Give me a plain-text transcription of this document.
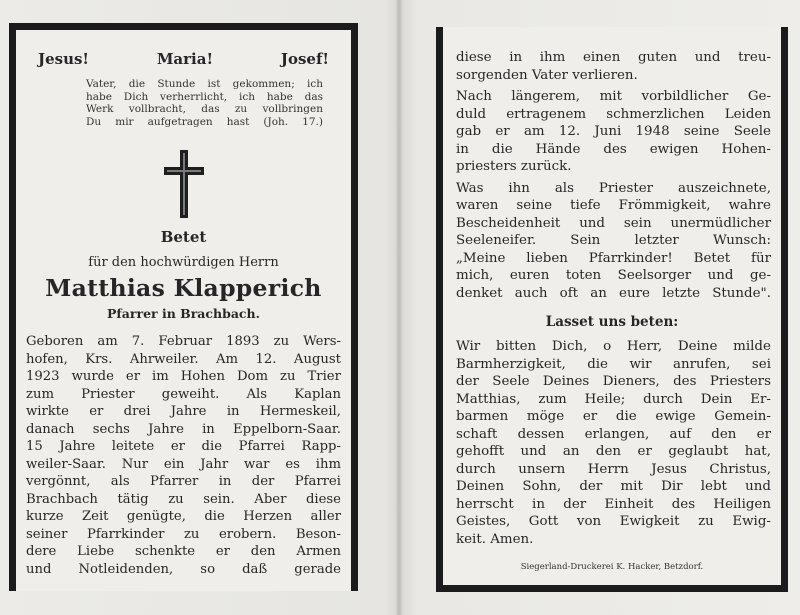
Jesus!	Maria!	Josef!
Vater, die Stunde ist gekommen; ich
habe Dich verherrlicht, ich habe das
Werk vollbracht, das zu vollbringen
Du mir aufgetragen hast (Joh. 17.)
Betet
für den hochwürdigen Herrn
Matthias Klapperich
Pfarrer in Brachbach.
Geboren am 7. Februar 1893 zu Wers-
hofen, Krs. Ahrweiler. Am 12. August
1923 wurde er im Hohen Dom zu Trier
zum Priester geweiht. Als Kaplan
wirkte er drei Jahre in Hermeskeil,
danach sechs Jahre in Eppelborn-Saar.
15 Jahre leitete er die Pfarrei Rapp-
weiler-Saar. Nur ein Jahr war es ihm
vergönnt, als Pfarrer in der Pfarrei
Brachbach tätig zu sein. Aber diese
kurze Zeit genügte, die Herzen aller
seiner Pfarrkinder zu erobern. Beson-
dere Liebe schenkte er den Armen
und Notleidenden, so daß gerade
diese in ihm einen guten und treu-
sorgenden Vater verlieren.
Nach längerem, mit vorbildlicher Ge-
duld ertragenem schmerzlichen Leiden
gab er am 12. Juni 1948 seine Seele
in die Hände des ewigen Hohen-
priesters zurück.
Was ihn als Priester auszeichnete,
waren seine tiefe Frömmigkeit, wahre
Bescheidenheit und sein unermüdlicher
Seeleneifer.	Sein	letzter	Wunsch:
„Meine lieben Pfarrkinder! Betet für
mich, euren toten Seelsorger und ge-
denket auch oft an eure letzte Stunde".
Lasset uns beten:
Wir bitten Dich, o Herr, Deine milde
Barmherzigkeit, die wir anrufen, sei
der Seele Deines Dieners, des Priesters
Matthias, zum Heile; durch Dein Er-
barmen möge er die ewige Gemein-
schaft dessen erlangen, auf den er
gehofft und an den er geglaubt hat,
durch unsern Herrn Jesus Christus,
Deinen Sohn, der mit Dir lebt und
herrscht in der Einheit des Heiligen
Geistes, Gott von Ewigkeit zu Ewig-
keit. Amen.
Siegerland-Druckerei K. Hacker, Betzdorf.
